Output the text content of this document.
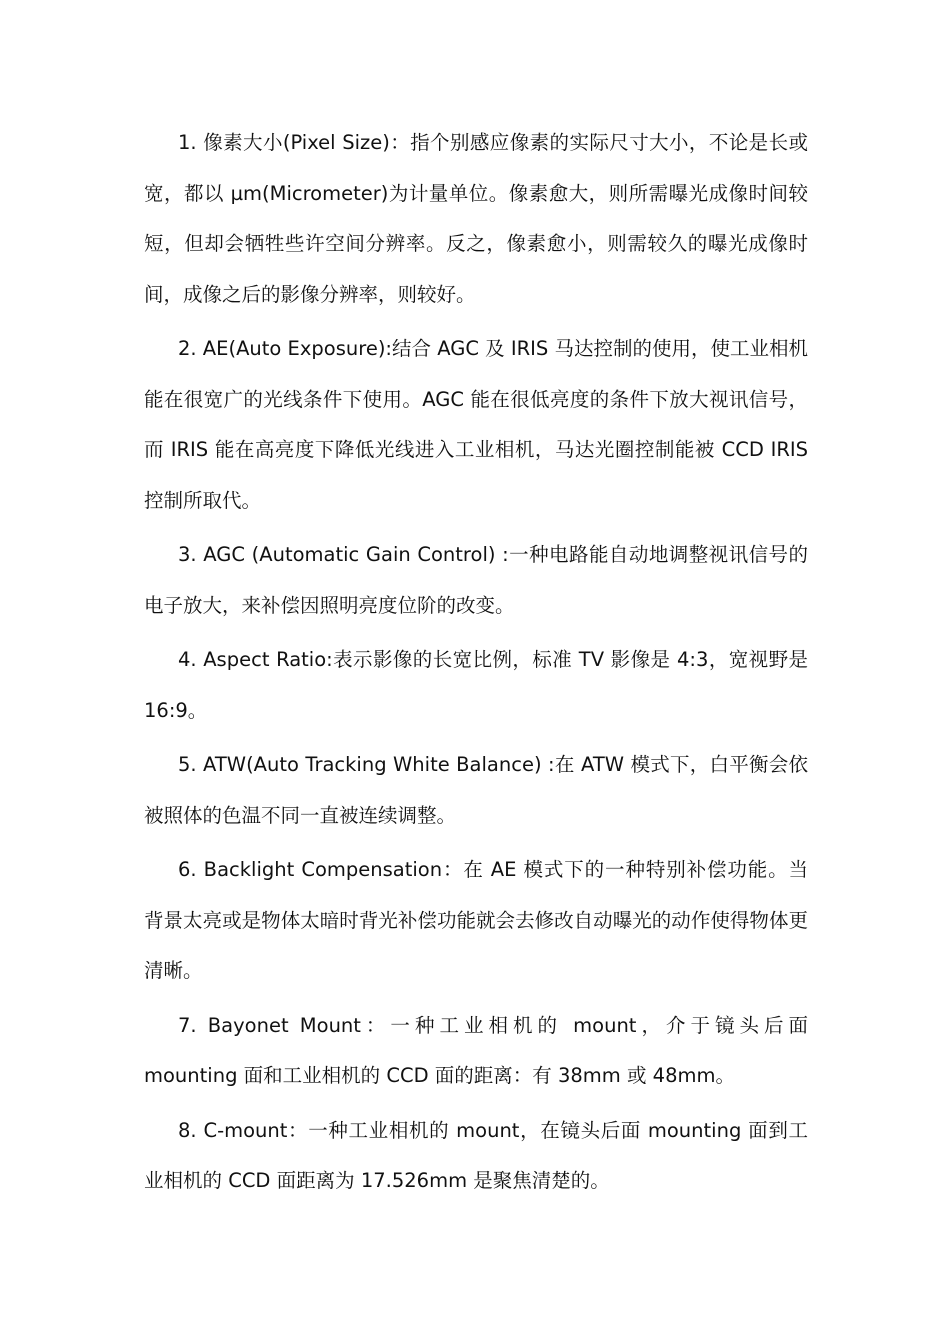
1. 像素大小(Pixel Size)：指个别感应像素的实际尺寸大小，不论是长或宽，都以 µm(Micrometer)为计量单位。像素愈大，则所需曝光成像时间较短，但却会牺牲些许空间分辨率。反之，像素愈小，则需较久的曝光成像时间，成像之后的影像分辨率，则较好。

2. AE(Auto Exposure):结合 AGC 及 IRIS 马达控制的使用，使工业相机能在很宽广的光线条件下使用。AGC 能在很低亮度的条件下放大视讯信号，而 IRIS 能在高亮度下降低光线进入工业相机，马达光圈控制能被 CCD IRIS 控制所取代。

3. AGC (Automatic Gain Control) :一种电路能自动地调整视讯信号的电子放大，来补偿因照明亮度位阶的改变。

4. Aspect Ratio:表示影像的长宽比例，标准 TV 影像是 4:3，宽视野是 16:9。

5. ATW(Auto Tracking White Balance) :在 ATW 模式下，白平衡会依被照体的色温不同一直被连续调整。

6. Backlight Compensation：在 AE 模式下的一种特别补偿功能。当背景太亮或是物体太暗时背光补偿功能就会去修改自动曝光的动作使得物体更清晰。

7. Bayonet Mount：一种工业相机的 mount，介于镜头后面 mounting 面和工业相机的 CCD 面的距离：有 38mm 或 48mm。

8. C-mount：一种工业相机的 mount，在镜头后面 mounting 面到工业相机的 CCD 面距离为 17.526mm 是聚焦清楚的。
